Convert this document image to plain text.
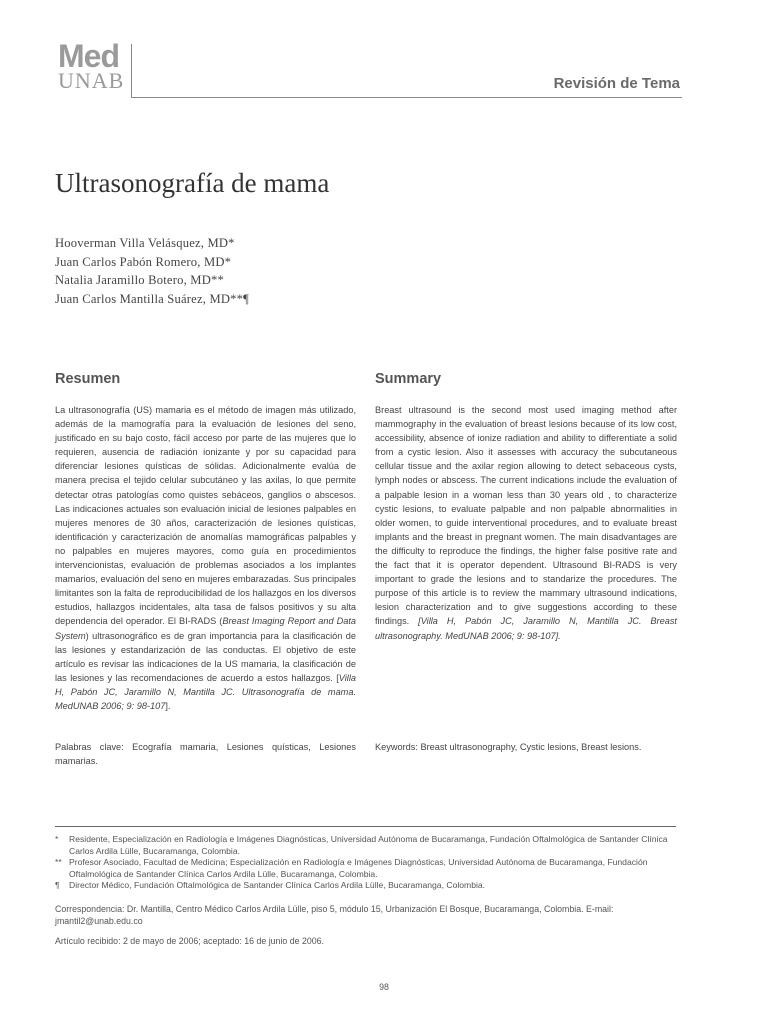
Med
UNAB	Revisión de Tema
Ultrasonografía de mama
Hooverman Villa Velásquez, MD*
Juan Carlos Pabón Romero, MD*
Natalia Jaramillo Botero, MD**
Juan Carlos Mantilla Suárez, MD**¶
Resumen	Summary

La ultrasonografía (US) mamaria es el método de imagen más utilizado, además de la mamografía para la evaluación de lesiones del seno, justificado en su bajo costo, fácil acceso por parte de las mujeres que lo requieren, ausencia de radiación ionizante y por su capacidad para diferenciar lesiones quísticas de sólidas. Adicionalmente evalúa de manera precisa el tejido celular subcutáneo y las axilas, lo que permite detectar otras patologías como quistes sebáceos, ganglios o abscesos. Las indicaciones actuales son evaluación inicial de lesiones palpables en mujeres menores de 30 años, caracterización de lesiones quísticas, identificación y caracterización de anomalías mamográficas palpables y no palpables en mujeres mayores, como guía en procedimientos intervencionistas, evaluación de problemas asociados a los implantes mamarios, evaluación del seno en mujeres embarazadas. Sus principales limitantes son la falta de reproducibilidad de los hallazgos en los diversos estudios, hallazgos incidentales, alta tasa de falsos positivos y su alta dependencia del operador. El BI-RADS (Breast Imaging Report and Data System) ultrasonográfico es de gran importancia para la clasificación de las lesiones y estandarización de las conductas. El objetivo de este artículo es revisar las indicaciones de la US mamaria, la clasificación de las lesiones y las recomendaciones de acuerdo a estos hallazgos. [Villa H, Pabón JC, Jaramillo N, Mantilla JC. Ultrasonografía de mama. MedUNAB 2006; 9: 98-107].

Breast ultrasound is the second most used imaging method after mammography in the evaluation of breast lesions because of its low cost, accessibility, absence of ionize radiation and ability to differentiate a solid from a cystic lesion. Also it assesses with accuracy the subcutaneous cellular tissue and the axilar region allowing to detect sebaceous cysts, lymph nodes or abscess. The current indications include the evaluation of a palpable lesion in a woman less than 30 years old , to characterize cystic lesions, to evaluate palpable and non palpable abnormalities in older women, to guide interventional procedures, and to evaluate breast implants and the breast in pregnant women. The main disadvantages are the difficulty to reproduce the findings, the higher false positive rate and the fact that it is operator dependent. Ultrasound BI-RADS is very important to grade the lesions and to standarize the procedures. The purpose of this article is to review the mammary ultrasound indications, lesion characterization and to give suggestions according to these findings. [Villa H, Pabón JC, Jaramillo N, Mantilla JC. Breast ultrasonography. MedUNAB 2006; 9: 98-107].

Palabras clave: Ecografía mamaria, Lesiones quísticas, Lesiones mamarias.
Keywords: Breast ultrasonography, Cystic lesions, Breast lesions.
*	Residente, Especialización en Radiología e Imágenes Diagnósticas, Universidad Autónoma de Bucaramanga, Fundación Oftalmológica de Santander Clínica Carlos Ardila Lülle, Bucaramanga, Colombia.
** Profesor Asociado, Facultad de Medicina; Especialización en Radiología e Imágenes Diagnósticas, Universidad Autónoma de Bucaramanga, Fundación Oftalmológica de Santander Clínica Carlos Ardila Lülle, Bucaramanga, Colombia.
¶	Director Médico, Fundación Oftalmológica de Santander Clínica Carlos Ardila Lülle, Bucaramanga, Colombia.
Correspondencia: Dr. Mantilla, Centro Médico Carlos Ardila Lülle, piso 5, módulo 15, Urbanización El Bosque, Bucaramanga, Colombia. E-mail: jmantil2@unab.edu.co
Artículo recibido: 2 de mayo de 2006; aceptado: 16 de junio de 2006.
98
